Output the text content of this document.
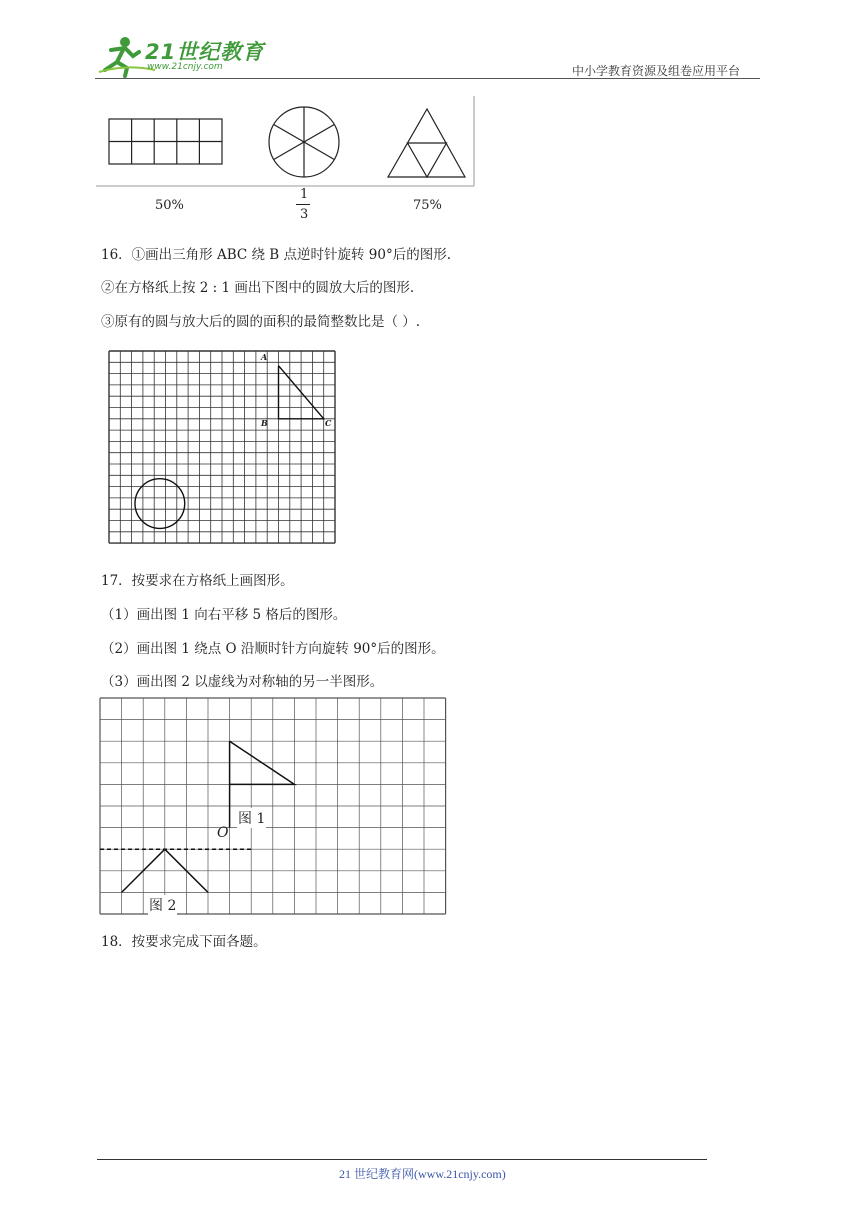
21世纪教育
www.21cnjy.com	中小学教育资源及组卷应用平台
50%
1
3
75%
16．①画出三角形 ABC 绕 B 点逆时针旋转 90°后的图形.
②在方格纸上按 2 : 1 画出下图中的圆放大后的图形.
③原有的圆与放大后的圆的面积的最简整数比是（ ）.
A
B	C
17．按要求在方格纸上画图形。
（1）画出图 1 向右平移 5 格后的图形。
（2）画出图 1 绕点 O 沿顺时针方向旋转 90°后的图形。
（3）画出图 2 以虚线为对称轴的另一半图形。
图 1
图 2
O
18．按要求完成下面各题。
21 世纪教育网(www.21cnjy.com)
